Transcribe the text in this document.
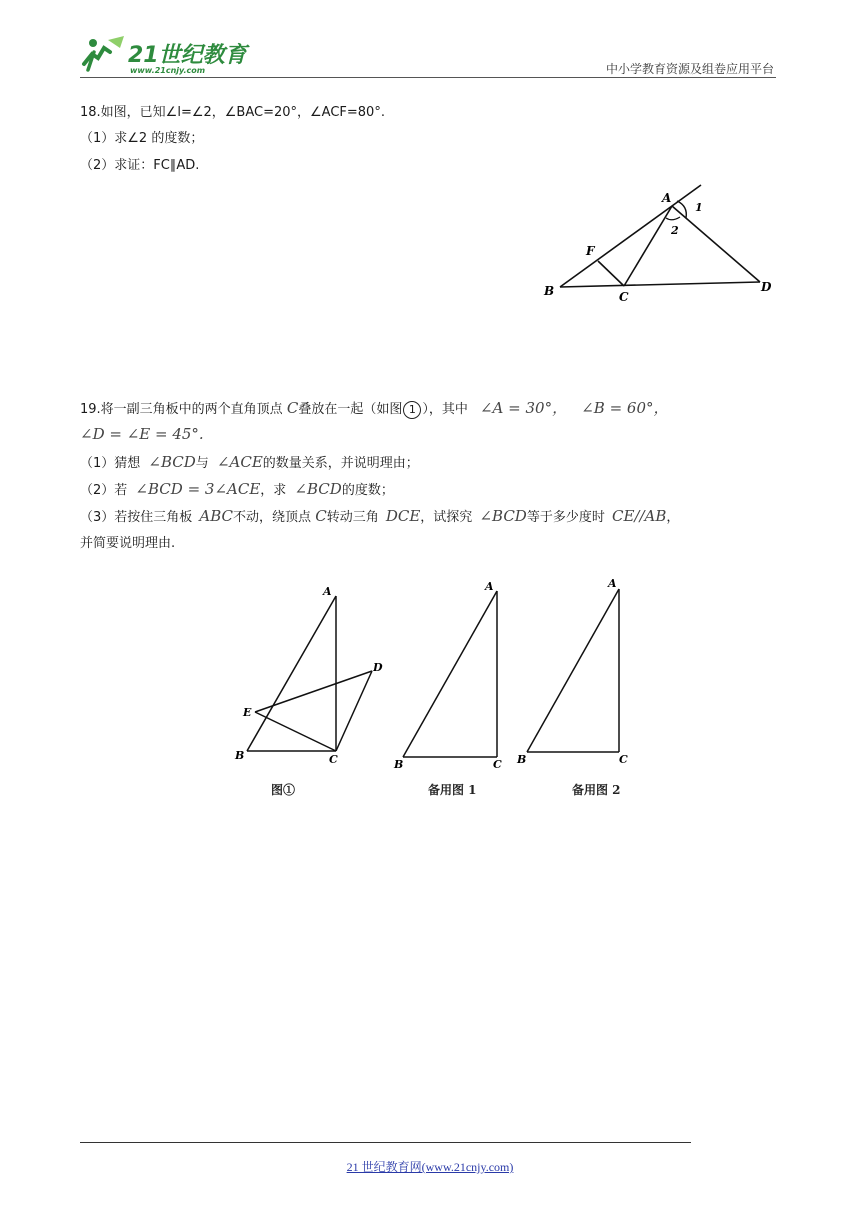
21世纪教育
www.21cnjy.com	中小学教育资源及组卷应用平台
18.如图，已知∠l=∠2，∠BAC=20°，∠ACF=80°.
（1）求∠2 的度数；
（2）求证：FC∥AD.
A
B	C
D
F
1
2
19.将一副三角板中的两个直角顶点 C叠放在一起（如图 1 ），其中 ∠A = 30°， ∠B = 60°，
∠D = ∠E = 45°.
（1）猜想 ∠BCD与 ∠ACE的数量关系，并说明理由；
（2）若 ∠BCD = 3∠ACE，求 ∠BCD的度数；
（3）若按住三角板 ABC不动，绕顶点 C转动三角 DCE，试探究 ∠BCD等于多少度时 CE//AB，
并简要说明理由.
A
B	C
D
E
A
B	C
A
B	C
图①	备用图 1	备用图 2
21 世纪教育网(www.21cnjy.com)
